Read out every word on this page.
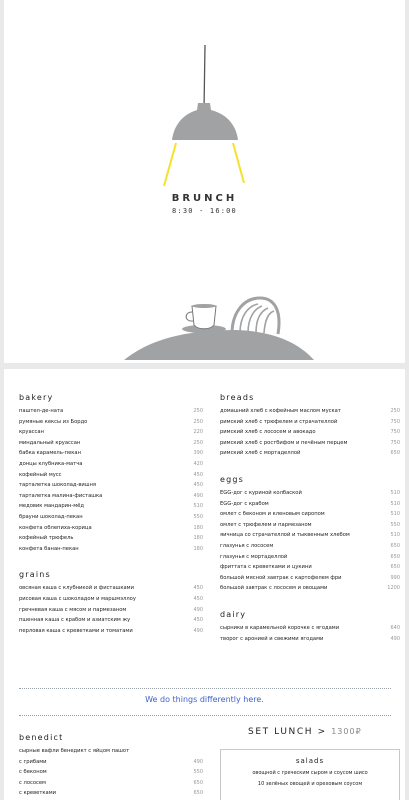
BRUNCH
8:30 - 16:00
bakery
паштел-де-ната	250
румяные кексы из Бордо	250
круассан	220
миндальный круассан	250
бабка карамель-пекан	390
донцы клубника-матча	420
кофейный мусс	450
тарталетка шоколад-вишня	450
тарталетка малина-фисташка	490
медовик мандарин-мёд	510
брауни шоколад-пекан	550
конфета облепиха-корица	180
кофейный трюфель	180
конфета банан-пекан	180
grains
овсяная каша с клубникой и фисташками	450
рисовая каша с шоколадом и маршмэллоу	450
гречневая каша с мясом и пармезаном	490
пшенная каша с крабом и азиатским жу	450
перловая каша с креветками и томатами	490
breads
домашний хлеб с кофейным маслом мускат	250
римский хлеб с трюфелем и страчателлой	750
римский хлеб с лососем и авокадо	750
римский хлеб с ростбифом и печёным перцем	750
римский хлеб с мортаделлой	650
eggs
EGG-дог с куриной колбаской	510
EGG-дог с крабом	510
омлет с беконом и кленовым сиропом	510
омлет с трюфелем и пармезаном	550
яичница со страчателлой и тыквенным хлебом	510
глазунья с лососем	650
глазунья с мортаделлой	650
фриттата с креветками и цукини	650
большой мясной завтрак с картофелем фри	990
большой завтрак с лососем и овощами	1200
dairy
сырники в карамельной корочке с ягодами	640
творог с аронией и свежими ягодами	490
We do things differently here.
benedict
сырные вафли бенедикт с яйцом пашот
с грибами	490
с беконом	550
с лососем	650
с креветками	650
SET LUNCH > 1300₽
salads
овощной с греческим сыром и соусом шисо
10 зелёных овощей и ореховым соусом
